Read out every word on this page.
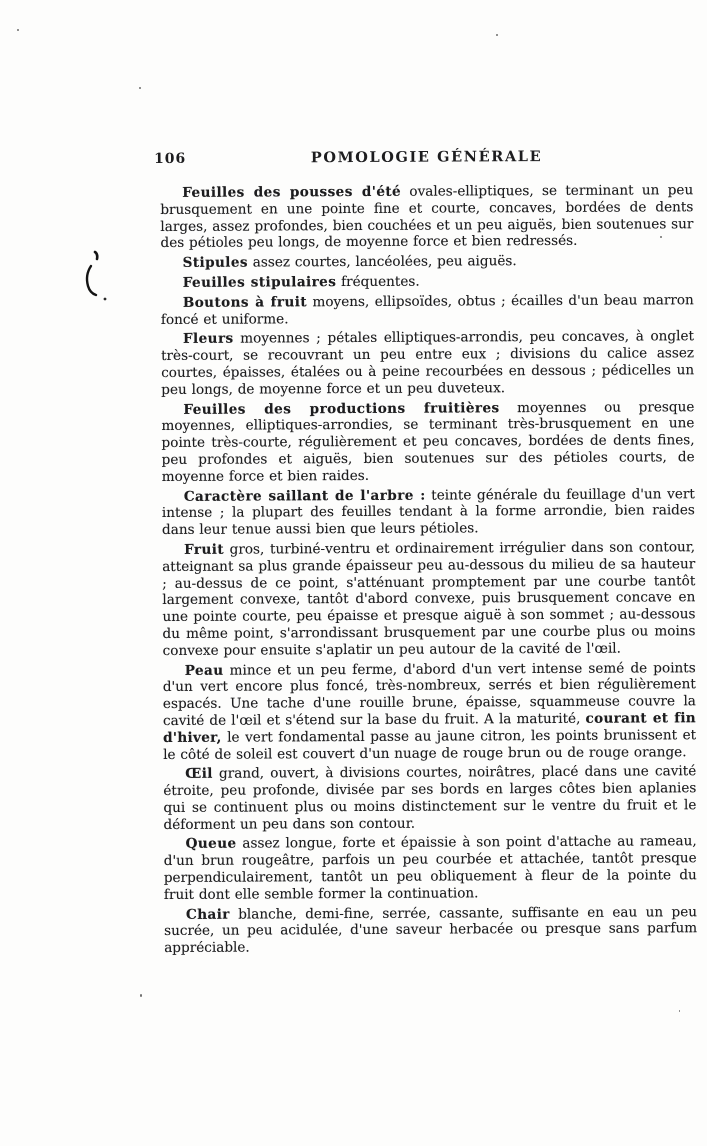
106	POMOLOGIE GÉNÉRALE

Feuilles des pousses d'été ovales-elliptiques, se terminant un peu brusquement en une pointe fine et courte, concaves, bordées de dents larges, assez profondes, bien couchées et un peu aiguës, bien soutenues sur des pétioles peu longs, de moyenne force et bien redressés.

Stipules assez courtes, lancéolées, peu aiguës.

Feuilles stipulaires fréquentes.

Boutons à fruit moyens, ellipsoïdes, obtus ; écailles d'un beau marron foncé et uniforme.

Fleurs moyennes ; pétales elliptiques-arrondis, peu concaves, à onglet très-court, se recouvrant un peu entre eux ; divisions du calice assez courtes, épaisses, étalées ou à peine recourbées en dessous ; pédicelles un peu longs, de moyenne force et un peu duveteux.

Feuilles des productions fruitières moyennes ou presque moyennes, elliptiques-arrondies, se terminant très-brusquement en une pointe très-courte, régulièrement et peu concaves, bordées de dents fines, peu profondes et aiguës, bien soutenues sur des pétioles courts, de moyenne force et bien raides.

Caractère saillant de l'arbre : teinte générale du feuillage d'un vert intense ; la plupart des feuilles tendant à la forme arrondie, bien raides dans leur tenue aussi bien que leurs pétioles.

Fruit gros, turbiné-ventru et ordinairement irrégulier dans son contour, atteignant sa plus grande épaisseur peu au-dessous du milieu de sa hauteur ; au-dessus de ce point, s'atténuant promptement par une courbe tantôt largement convexe, tantôt d'abord convexe, puis brusquement concave en une pointe courte, peu épaisse et presque aiguë à son sommet ; au-dessous du même point, s'arrondissant brusquement par une courbe plus ou moins convexe pour ensuite s'aplatir un peu autour de la cavité de l'œil.

Peau mince et un peu ferme, d'abord d'un vert intense semé de points d'un vert encore plus foncé, très-nombreux, serrés et bien régulièrement espacés. Une tache d'une rouille brune, épaisse, squammeuse couvre la cavité de l'œil et s'étend sur la base du fruit. A la maturité, courant et fin d'hiver, le vert fondamental passe au jaune citron, les points brunissent et le côté de soleil est couvert d'un nuage de rouge brun ou de rouge orange.

Œil grand, ouvert, à divisions courtes, noirâtres, placé dans une cavité étroite, peu profonde, divisée par ses bords en larges côtes bien aplanies qui se continuent plus ou moins distinctement sur le ventre du fruit et le déforment un peu dans son contour.

Queue assez longue, forte et épaissie à son point d'attache au rameau, d'un brun rougeâtre, parfois un peu courbée et attachée, tantôt presque perpendiculairement, tantôt un peu obliquement à fleur de la pointe du fruit dont elle semble former la continuation.

Chair blanche, demi-fine, serrée, cassante, suffisante en eau un peu sucrée, un peu acidulée, d'une saveur herbacée ou presque sans parfum appréciable.
